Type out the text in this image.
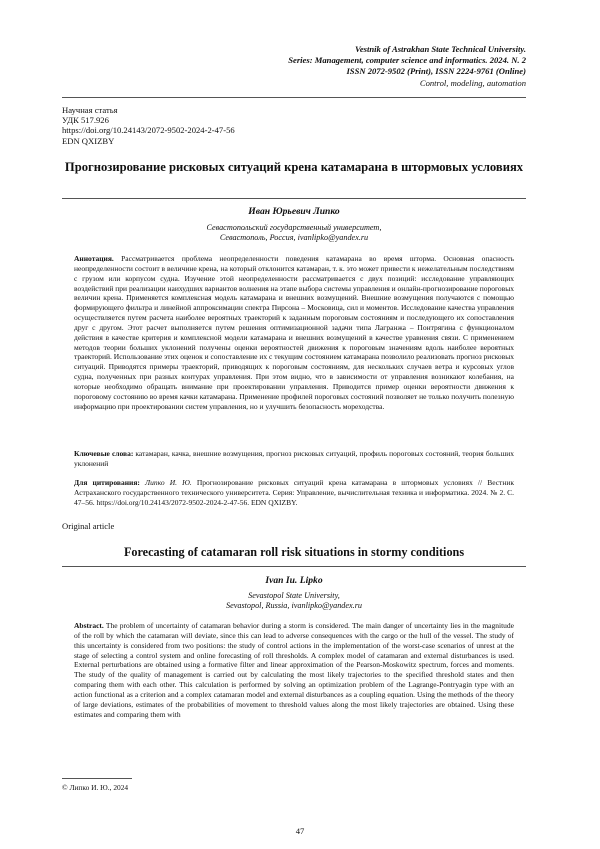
Vestnik of Astrakhan State Technical University.
Series: Management, computer science and informatics. 2024. N. 2
ISSN 2072-9502 (Print), ISSN 2224-9761 (Online)
Control, modeling, automation
Научная статья
УДК 517.926
https://doi.org/10.24143/2072-9502-2024-2-47-56
EDN QXIZBY
Прогнозирование рисковых ситуаций крена катамарана в штормовых условиях
Иван Юрьевич Липко
Севастопольский государственный университет,
Севастополь, Россия, ivanlipko@yandex.ru
Аннотация. Рассматривается проблема неопределенности поведения катамарана во время шторма. Основная опасность неопределенности состоит в величине крена, на который отклонится катамаран, т. к. это может привести к нежелательным последствиям с грузом или корпусом судна. Изучение этой неопределенности рассматривается с двух позиций: исследование управляющих воздействий при реализации наихудших вариантов волнения на этапе выбора системы управления и онлайн-прогнозирование пороговых величин крена. Применяется комплексная модель катамарана и внешних возмущений. Внешние возмущения получаются с помощью формирующего фильтра и линейной аппроксимации спектра Пирсона – Московица, сил и моментов. Исследование качества управления осуществляется путем расчета наиболее вероятных траекторий к заданным пороговым состояниям и последующего их сопоставления друг с другом. Этот расчет выполняется путем решения оптимизационной задачи типа Лагранжа – Понтрягина с функционалом действия в качестве критерия и комплексной модели катамарана и внешних возмущений в качестве уравнения связи. С применением методов теории больших уклонений получены оценки вероятностей движения к пороговым значениям вдоль наиболее вероятных траекторий. Использование этих оценок и сопоставление их с текущим состоянием катамарана позволило реализовать прогноз рисковых ситуаций. Приводятся примеры траекторий, приводящих к пороговым состояниям, для нескольких случаев ветра и курсовых углов судна, полученных при разных контурах управления. При этом видно, что в зависимости от управления возникают колебания, на которые необходимо обращать внимание при проектировании управления. Приводится пример оценки вероятности движения к пороговому состоянию во время качки катамарана. Применение профилей пороговых состояний позволяет не только получить полезную информацию при проектировании систем управления, но и улучшить безопасность мореходства.
Ключевые слова: катамаран, качка, внешние возмущения, прогноз рисковых ситуаций, профиль пороговых состояний, теория больших уклонений
Для цитирования: Липко И. Ю. Прогнозирование рисковых ситуаций крена катамарана в штормовых условиях // Вестник Астраханского государственного технического университета. Серия: Управление, вычислительная техника и информатика. 2024. № 2. С. 47–56. https://doi.org/10.24143/2072-9502-2024-2-47-56. EDN QXIZBY.
Original article
Forecasting of catamaran roll risk situations in stormy conditions
Ivan Iu. Lipko
Sevastopol State University,
Sevastopol, Russia, ivanlipko@yandex.ru
Abstract. The problem of uncertainty of catamaran behavior during a storm is considered. The main danger of uncertainty lies in the magnitude of the roll by which the catamaran will deviate, since this can lead to adverse consequences with the cargo or the hull of the vessel. The study of this uncertainty is considered from two positions: the study of control actions in the implementation of the worst-case scenarios of unrest at the stage of selecting a control system and online forecasting of roll thresholds. A complex model of catamaran and external disturbances is used. External perturbations are obtained using a formative filter and linear approximation of the Pearson-Moskowitz spectrum, forces and moments. The study of the quality of management is carried out by calculating the most likely trajectories to the specified threshold states and then comparing them with each other. This calculation is performed by solving an optimization problem of the Lagrange-Pontryagin type with an action functional as a criterion and a complex catamaran model and external disturbances as a coupling equation. Using the methods of the theory of large deviations, estimates of the probabilities of movement to threshold values along the most likely trajectories are obtained. Using these estimates and comparing them with
© Липко И. Ю., 2024
47
